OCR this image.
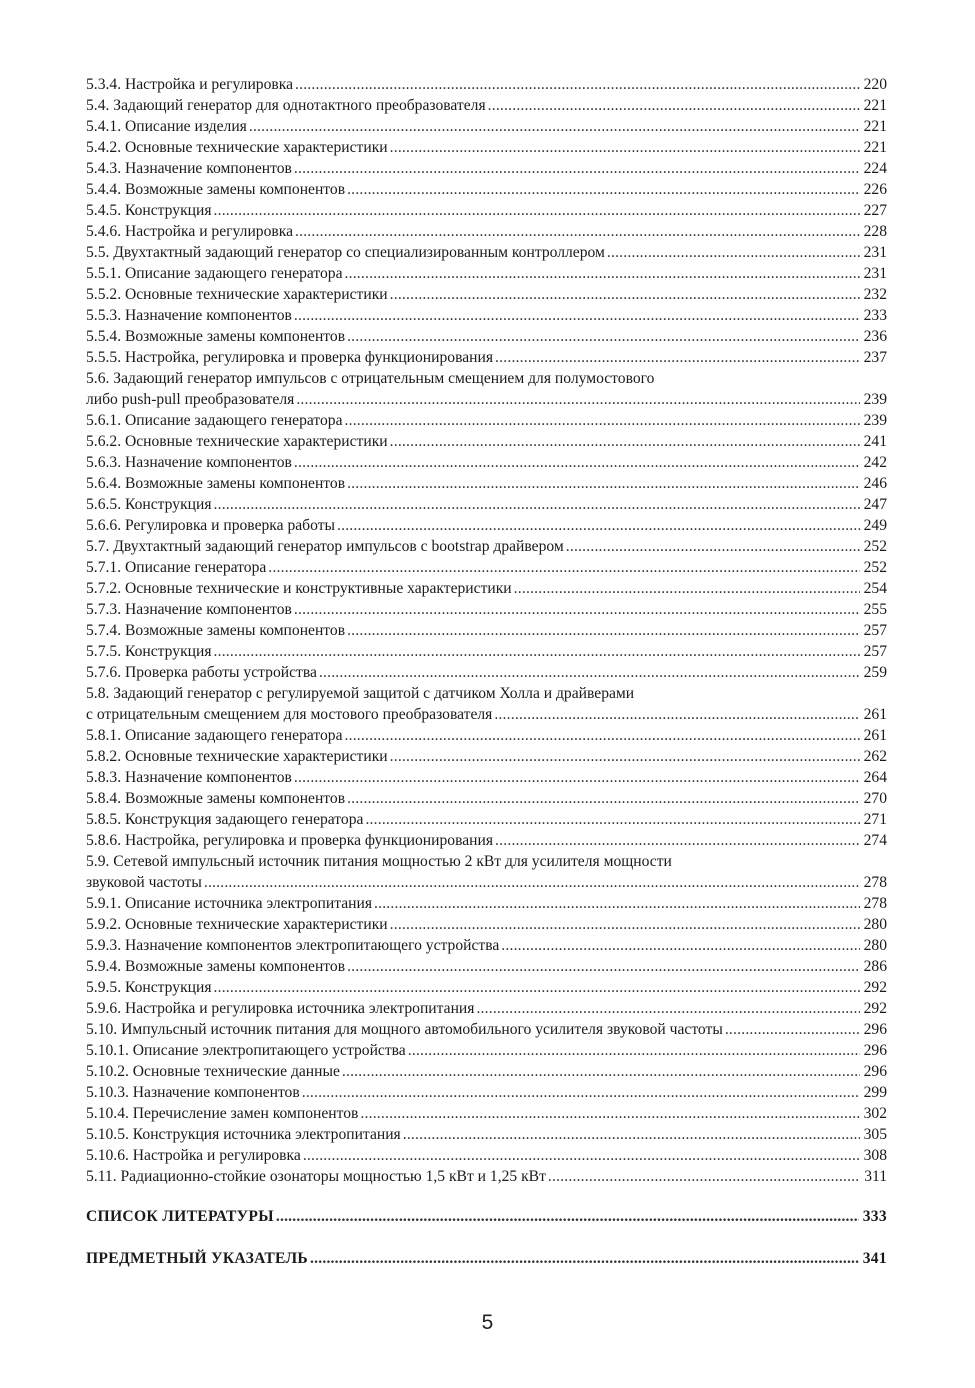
5.3.4. Настройка и регулировка .....	220
5.4. Задающий генератор для однотактного преобразователя .....	221
5.4.1. Описание изделия .....	221
5.4.2. Основные технические характеристики .....	221
5.4.3. Назначение компонентов .....	224
5.4.4. Возможные замены компонентов .....	226
5.4.5. Конструкция .....	227
5.4.6. Настройка и регулировка .....	228
5.5. Двухтактный задающий генератор со специализированным контроллером .....	231
5.5.1. Описание задающего генератора .....	231
5.5.2. Основные технические характеристики .....	232
5.5.3. Назначение компонентов .....	233
5.5.4. Возможные замены компонентов .....	236
5.5.5. Настройка, регулировка и проверка функционирования .....	237
5.6. Задающий генератор импульсов с отрицательным смещением для полумостового
либо push-pull преобразователя .....	239
5.6.1. Описание задающего генератора .....	239
5.6.2. Основные технические характеристики .....	241
5.6.3. Назначение компонентов .....	242
5.6.4. Возможные замены компонентов .....	246
5.6.5. Конструкция .....	247
5.6.6. Регулировка и проверка работы .....	249
5.7. Двухтактный задающий генератор импульсов с bootstrap драйвером .....	252
5.7.1. Описание генератора .....	252
5.7.2. Основные технические и конструктивные характеристики .....	254
5.7.3. Назначение компонентов .....	255
5.7.4. Возможные замены компонентов .....	257
5.7.5. Конструкция .....	257
5.7.6. Проверка работы устройства .....	259
5.8. Задающий генератор с регулируемой защитой с датчиком Холла и драйверами
с отрицательным смещением для мостового преобразователя .....	261
5.8.1. Описание задающего генератора .....	261
5.8.2. Основные технические характеристики .....	262
5.8.3. Назначение компонентов .....	264
5.8.4. Возможные замены компонентов .....	270
5.8.5. Конструкция задающего генератора .....	271
5.8.6. Настройка, регулировка и проверка функционирования .....	274
5.9. Сетевой импульсный источник питания мощностью 2 кВт для усилителя мощности
звуковой частоты .....	278
5.9.1. Описание источника электропитания .....	278
5.9.2. Основные технические характеристики .....	280
5.9.3. Назначение компонентов электропитающего устройства .....	280
5.9.4. Возможные замены компонентов .....	286
5.9.5. Конструкция .....	292
5.9.6. Настройка и регулировка источника электропитания .....	292
5.10. Импульсный источник питания для мощного автомобильного усилителя звуковой частоты .....	296
5.10.1. Описание электропитающего устройства .....	296
5.10.2. Основные технические данные .....	296
5.10.3. Назначение компонентов .....	299
5.10.4. Перечисление замен компонентов .....	302
5.10.5. Конструкция источника электропитания .....	305
5.10.6. Настройка и регулировка .....	308
5.11. Радиационно-стойкие озонаторы мощностью 1,5 кВт и 1,25 кВт .....	311
СПИСОК ЛИТЕРАТУРЫ .....	333
ПРЕДМЕТНЫЙ УКАЗАТЕЛЬ .....	341
5
